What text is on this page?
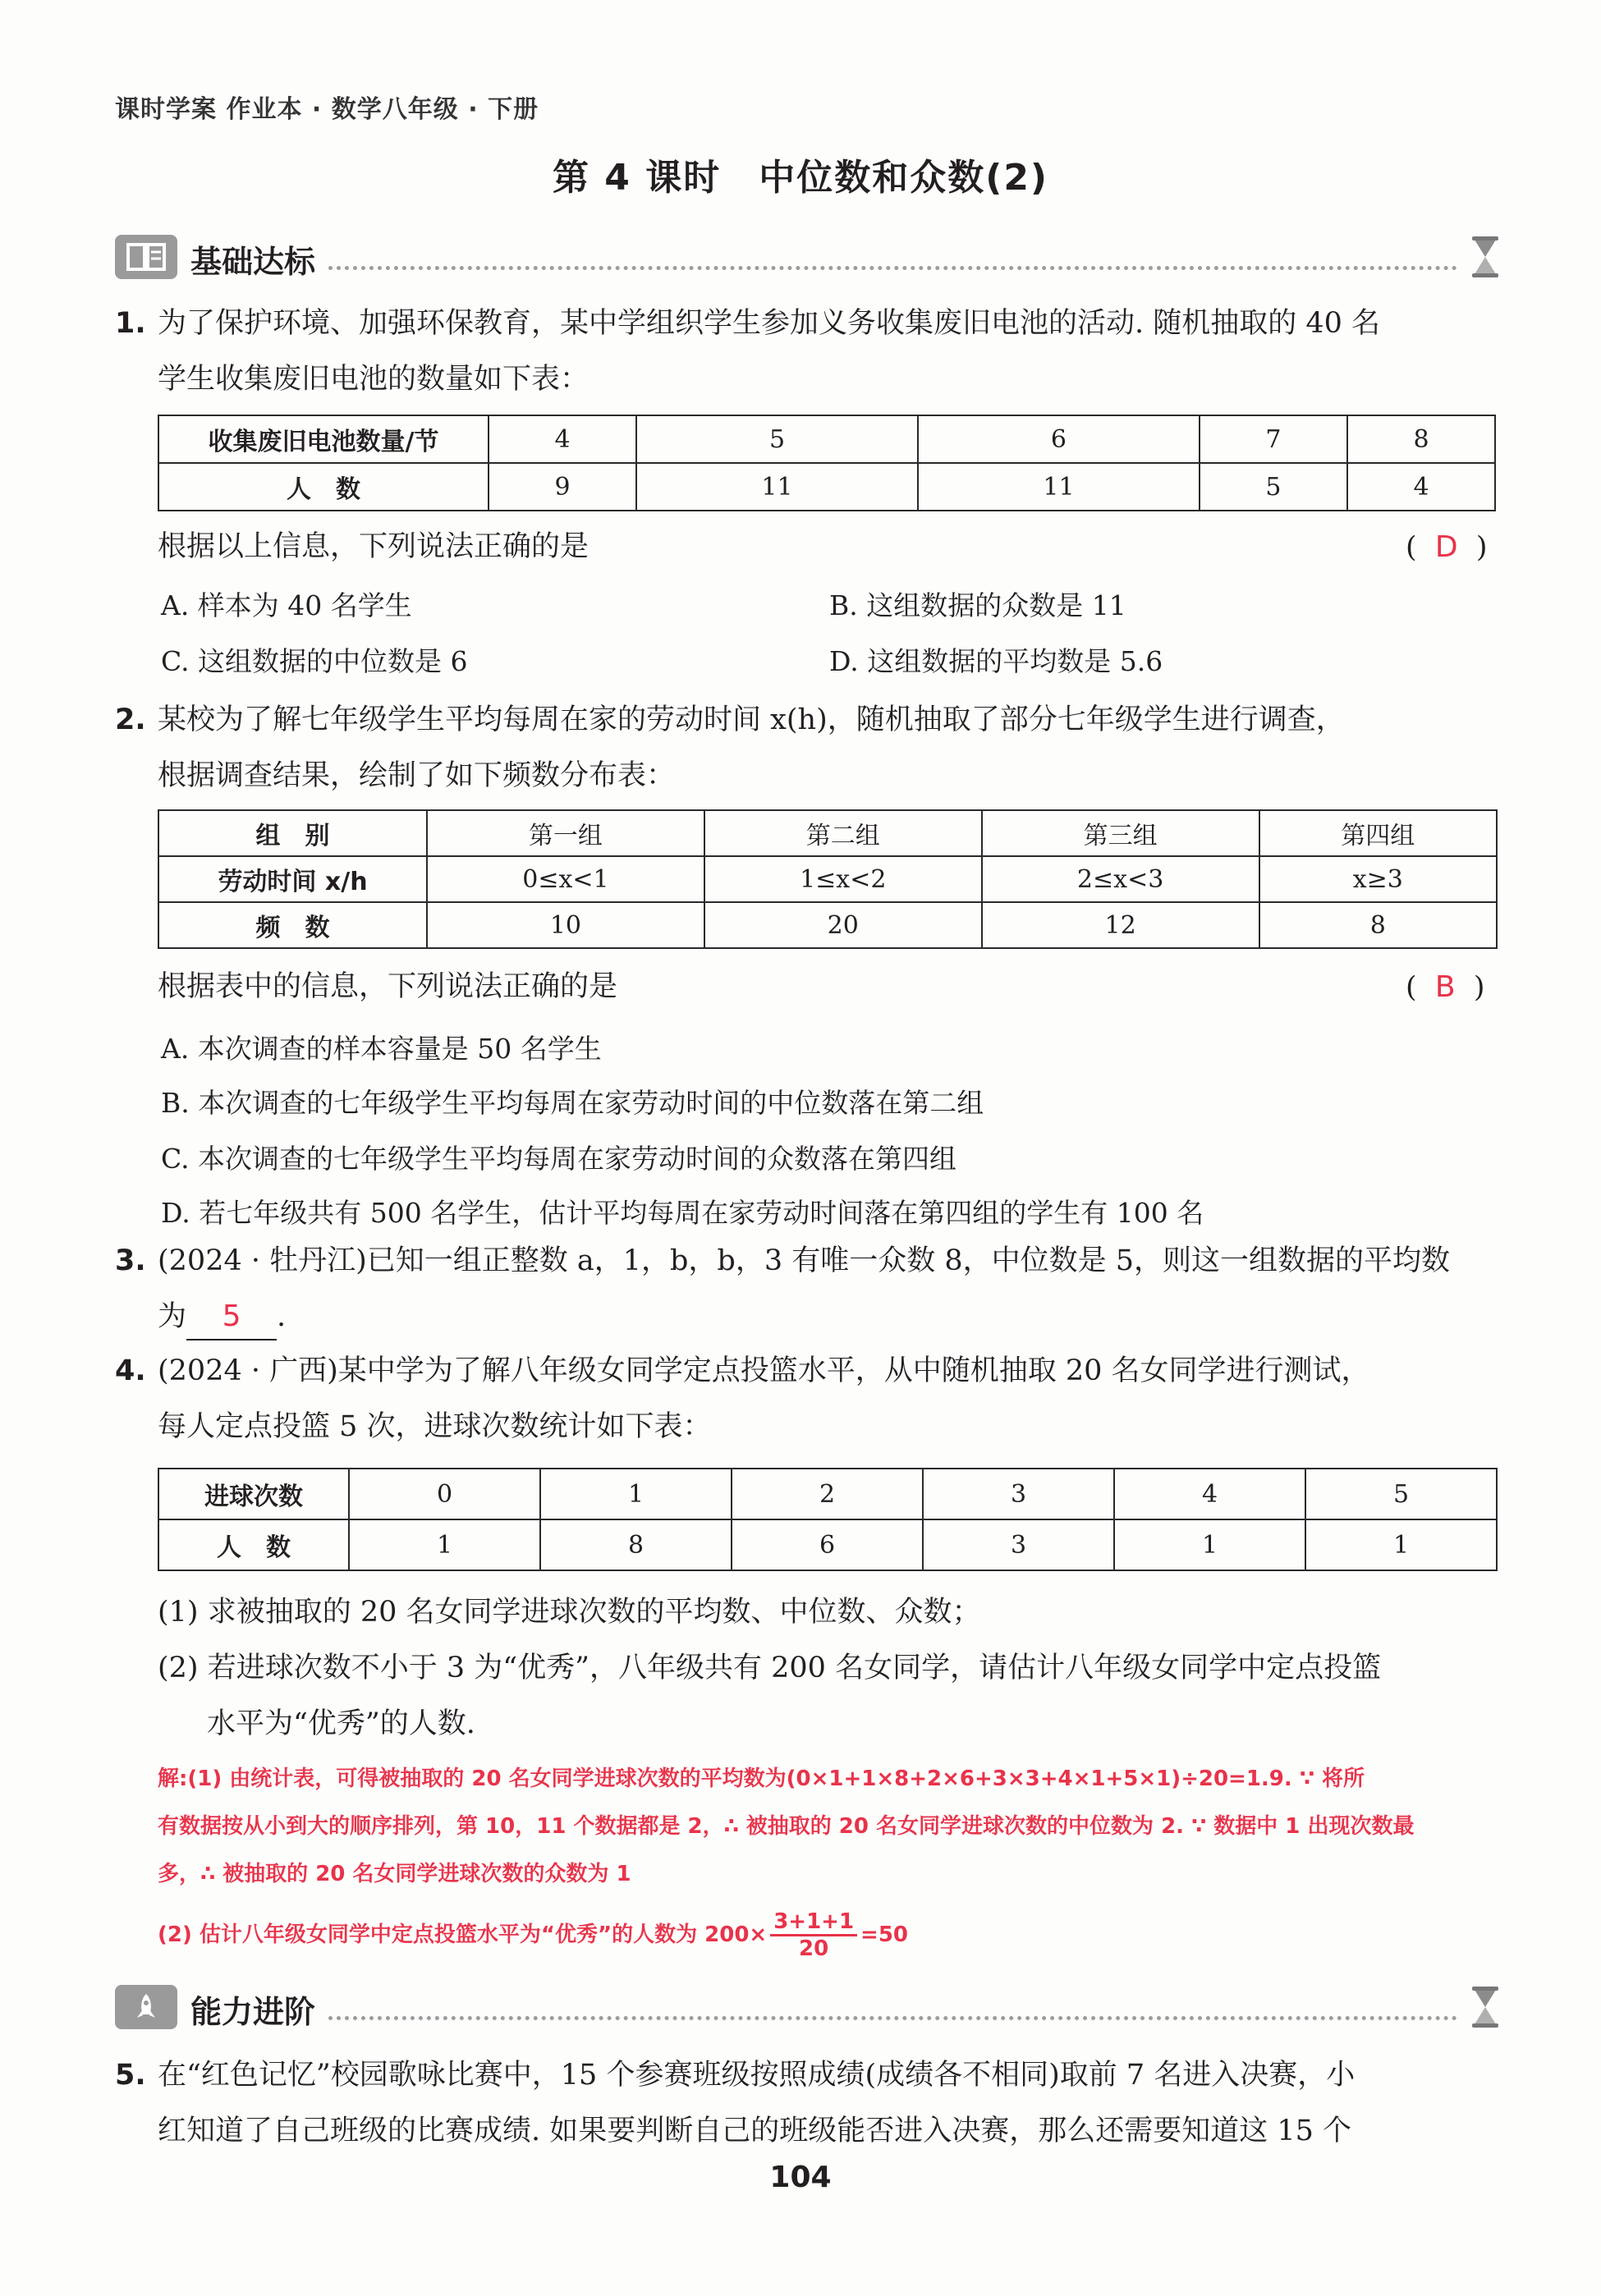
课时学案 作业本 · 数学八年级 · 下册
第 4 课时　中位数和众数(2)
基础达标
1. 为了保护环境、加强环保教育，某中学组织学生参加义务收集废旧电池的活动. 随机抽取的 40 名
学生收集废旧电池的数量如下表：
收集废旧电池数量/节	4	5	6	7	8
人　数	9	11	11	5	4
根据以上信息，下列说法正确的是	(  D  )
A. 样本为 40 名学生	B. 这组数据的众数是 11
C. 这组数据的中位数是 6	D. 这组数据的平均数是 5.6
2. 某校为了解七年级学生平均每周在家的劳动时间 x(h)，随机抽取了部分七年级学生进行调查，
根据调查结果，绘制了如下频数分布表：
组　别	第一组	第二组	第三组	第四组
劳动时间 x/h	0≤x<1	1≤x<2	2≤x<3	x≥3
频　数	10	20	12	8
根据表中的信息，下列说法正确的是	(  B  )
A. 本次调查的样本容量是 50 名学生
B. 本次调查的七年级学生平均每周在家劳动时间的中位数落在第二组
C. 本次调查的七年级学生平均每周在家劳动时间的众数落在第四组
D. 若七年级共有 500 名学生，估计平均每周在家劳动时间落在第四组的学生有 100 名
3. (2024 · 牡丹江)已知一组正整数 a，1，b，b，3 有唯一众数 8，中位数是 5，则这一组数据的平均数
为 5 .
4. (2024 · 广西)某中学为了解八年级女同学定点投篮水平，从中随机抽取 20 名女同学进行测试，
每人定点投篮 5 次，进球次数统计如下表：
进球次数	0	1	2	3	4	5
人　数	1	8	6	3	1	1
(1) 求被抽取的 20 名女同学进球次数的平均数、中位数、众数；
(2) 若进球次数不小于 3 为“优秀”，八年级共有 200 名女同学，请估计八年级女同学中定点投篮
水平为“优秀”的人数.
解:(1) 由统计表，可得被抽取的 20 名女同学进球次数的平均数为(0×1+1×8+2×6+3×3+4×1+5×1)÷20=1.9. ∵ 将所
有数据按从小到大的顺序排列，第 10，11 个数据都是 2，∴ 被抽取的 20 名女同学进球次数的中位数为 2. ∵ 数据中 1 出现次数最
多，∴ 被抽取的 20 名女同学进球次数的众数为 1
(2) 估计八年级女同学中定点投篮水平为“优秀”的人数为 $200\times \frac{3+1+1}{20} =50$
能力进阶
5. 在“红色记忆”校园歌咏比赛中，15 个参赛班级按照成绩(成绩各不相同)取前 7 名进入决赛，小
红知道了自己班级的比赛成绩. 如果要判断自己的班级能否进入决赛，那么还需要知道这 15 个
104
